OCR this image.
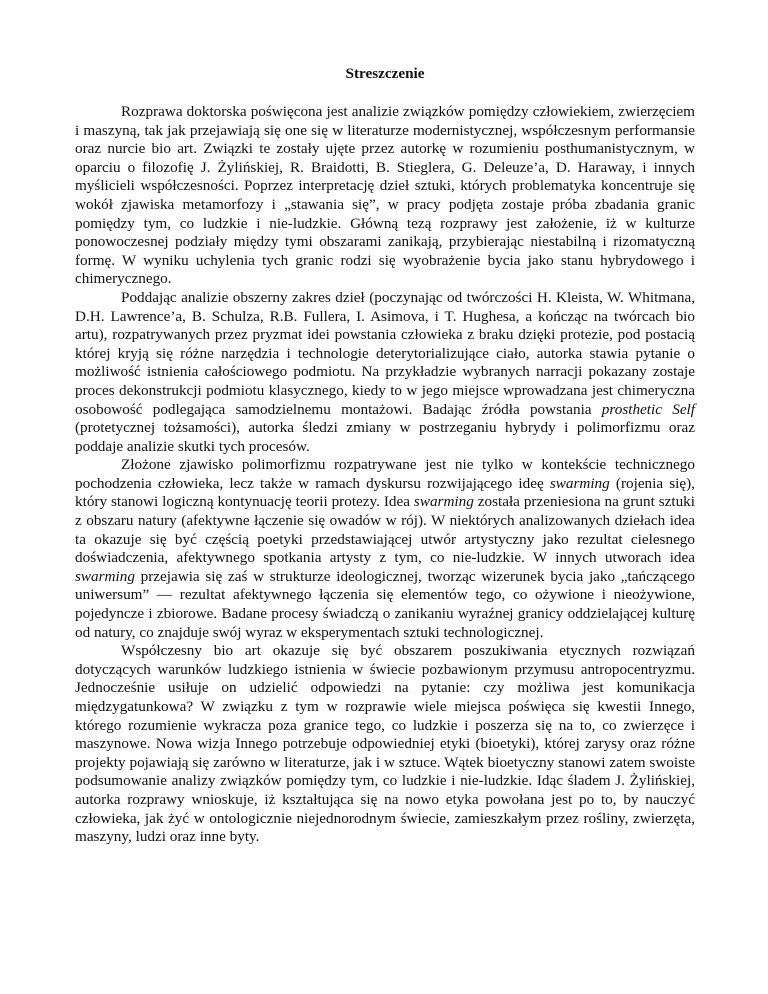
Streszczenie

Rozprawa doktorska poświęcona jest analizie związków pomiędzy człowiekiem, zwierzęciem i maszyną, tak jak przejawiają się one się w literaturze modernistycznej, współczesnym performansie oraz nurcie bio art. Związki te zostały ujęte przez autorkę w rozumieniu posthumanistycznym, w oparciu o filozofię J. Żylińskiej, R. Braidotti, B. Stieglera, G. Deleuze’a, D. Haraway, i innych myślicieli współczesności. Poprzez interpretację dzieł sztuki, których problematyka koncentruje się wokół zjawiska metamorfozy i „stawania się”, w pracy podjęta zostaje próba zbadania granic pomiędzy tym, co ludzkie i nie-ludzkie. Główną tezą rozprawy jest założenie, iż w kulturze ponowoczesnej podziały między tymi obszarami zanikają, przybierając niestabilną i rizomatyczną formę. W wyniku uchylenia tych granic rodzi się wyobrażenie bycia jako stanu hybrydowego i chimerycznego.

Poddając analizie obszerny zakres dzieł (poczynając od twórczości H. Kleista, W. Whitmana, D.H. Lawrence’a, B. Schulza, R.B. Fullera, I. Asimova, i T. Hughesa, a kończąc na twórcach bio artu), rozpatrywanych przez pryzmat idei powstania człowieka z braku dzięki protezie, pod postacią której kryją się różne narzędzia i technologie deterytorializujące ciało, autorka stawia pytanie o możliwość istnienia całościowego podmiotu. Na przykładzie wybranych narracji pokazany zostaje proces dekonstrukcji podmiotu klasycznego, kiedy to w jego miejsce wprowadzana jest chimeryczna osobowość podlegająca samodzielnemu montażowi. Badając źródła powstania prosthetic Self (protetycznej tożsamości), autorka śledzi zmiany w postrzeganiu hybrydy i polimorfizmu oraz poddaje analizie skutki tych procesów.

Złożone zjawisko polimorfizmu rozpatrywane jest nie tylko w kontekście technicznego pochodzenia człowieka, lecz także w ramach dyskursu rozwijającego ideę swarming (rojenia się), który stanowi logiczną kontynuację teorii protezy. Idea swarming została przeniesiona na grunt sztuki z obszaru natury (afektywne łączenie się owadów w rój). W niektórych analizowanych dziełach idea ta okazuje się być częścią poetyki przedstawiającej utwór artystyczny jako rezultat cielesnego doświadczenia, afektywnego spotkania artysty z tym, co nie-ludzkie. W innych utworach idea swarming przejawia się zaś w strukturze ideologicznej, tworząc wizerunek bycia jako „tańczącego uniwersum” — rezultat afektywnego łączenia się elementów tego, co ożywione i nieożywione, pojedyncze i zbiorowe. Badane procesy świadczą o zanikaniu wyraźnej granicy oddzielającej kulturę od natury, co znajduje swój wyraz w eksperymentach sztuki technologicznej.

Współczesny bio art okazuje się być obszarem poszukiwania etycznych rozwiązań dotyczących warunków ludzkiego istnienia w świecie pozbawionym przymusu antropocentryzmu. Jednocześnie usiłuje on udzielić odpowiedzi na pytanie: czy możliwa jest komunikacja międzygatunkowa? W związku z tym w rozprawie wiele miejsca poświęca się kwestii Innego, którego rozumienie wykracza poza granice tego, co ludzkie i poszerza się na to, co zwierzęce i maszynowe. Nowa wizja Innego potrzebuje odpowiedniej etyki (bioetyki), której zarysy oraz różne projekty pojawiają się zarówno w literaturze, jak i w sztuce. Wątek bioetyczny stanowi zatem swoiste podsumowanie analizy związków pomiędzy tym, co ludzkie i nie-ludzkie. Idąc śladem J. Żylińskiej, autorka rozprawy wnioskuje, iż kształtująca się na nowo etyka powołana jest po to, by nauczyć człowieka, jak żyć w ontologicznie niejednorodnym świecie, zamieszkałym przez rośliny, zwierzęta, maszyny, ludzi oraz inne byty.
